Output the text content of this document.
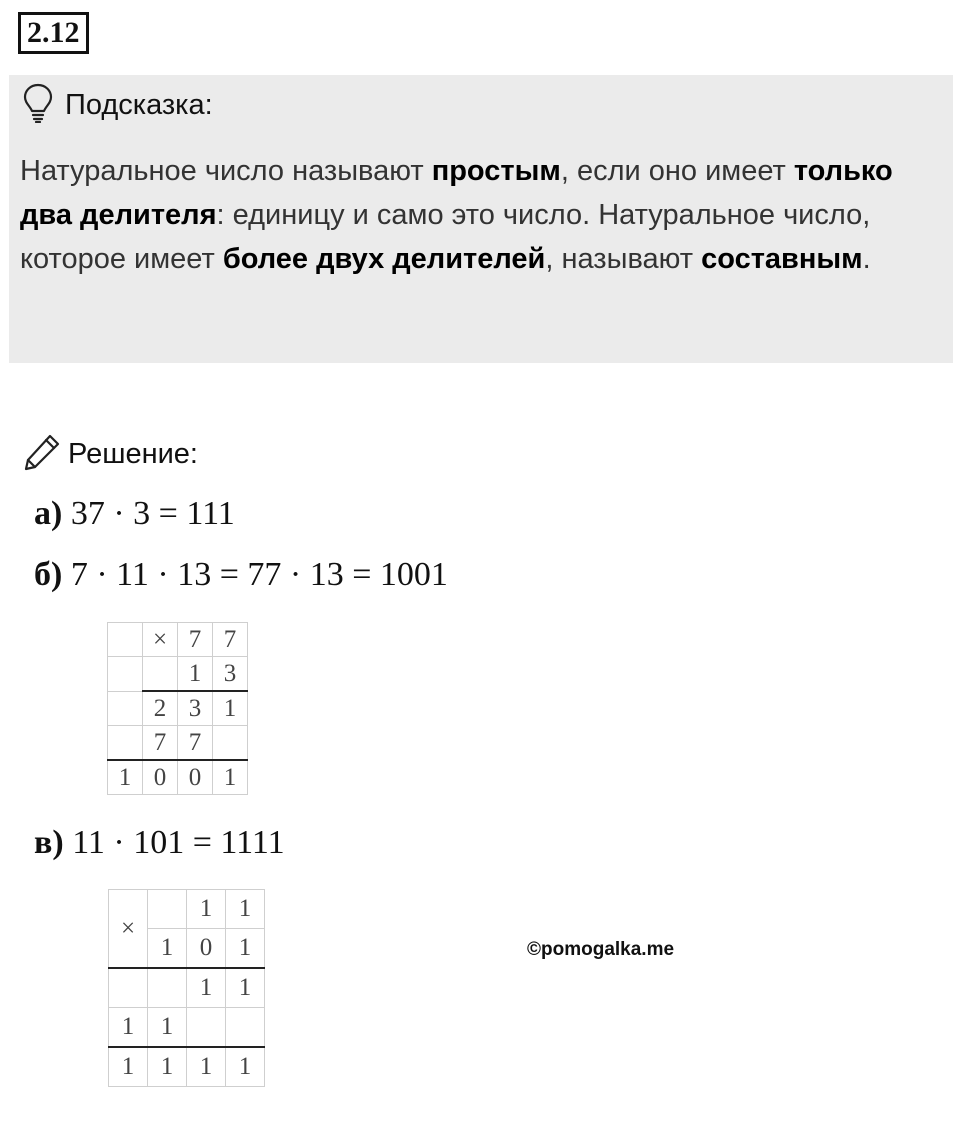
2.12
Подсказка:
Натуральное число называют простым, если оно имеет только два делителя: единицу и само это число. Натуральное число, которое имеет более двух делителей, называют составным.
Решение:
а) 37 · 3 = 111
б) 7 · 11 · 13 = 77 · 13 = 1001
	×	7	7
		1	3
	2	3	1
	7	7	
1	0	0	1
в) 11 · 101 = 1111
×		1	1
	1	0	1
		1	1
1	1		
1	1	1	1
©pomogalka.me
